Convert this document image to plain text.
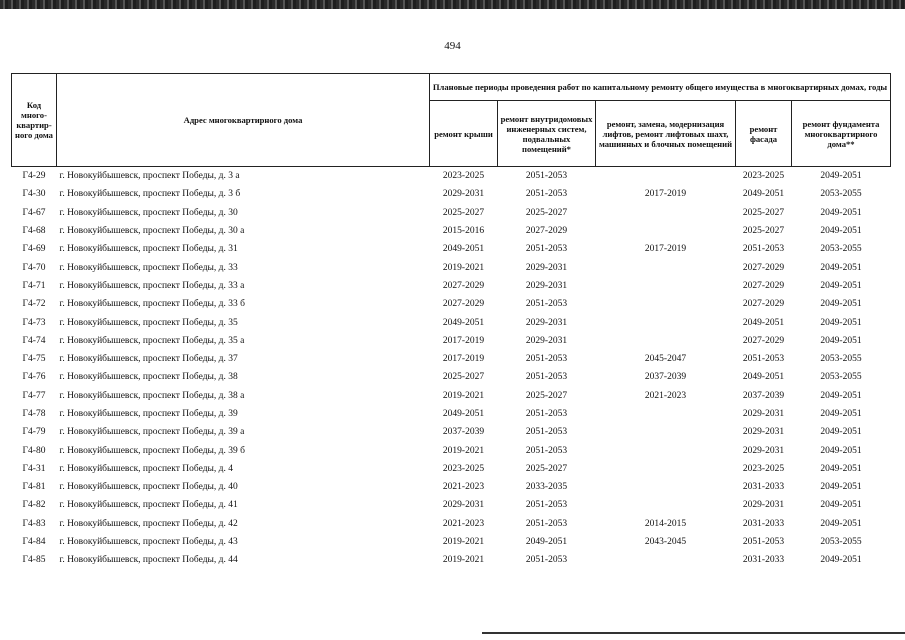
494
Код много-квартир-ного дома	Адрес многоквартирного дома	Плановые периоды проведения работ по капитальному ремонту общего имущества в многоквартирных домах, годы				
		ремонт крыши	ремонт внутридомовых инженерных систем, подвальных помещений*	ремонт, замена, модернизация лифтов, ремонт лифтовых шахт, машинных и блочных помещений	ремонт фасада	ремонт фундамента многоквартирного дома**
Г4-29	г. Новокуйбышевск, проспект Победы, д. 3 а	2023-2025	2051-2053		2023-2025	2049-2051
Г4-30	г. Новокуйбышевск, проспект Победы, д. 3 б	2029-2031	2051-2053	2017-2019	2049-2051	2053-2055
Г4-67	г. Новокуйбышевск, проспект Победы, д. 30	2025-2027	2025-2027		2025-2027	2049-2051
Г4-68	г. Новокуйбышевск, проспект Победы, д. 30 а	2015-2016	2027-2029		2025-2027	2049-2051
Г4-69	г. Новокуйбышевск, проспект Победы, д. 31	2049-2051	2051-2053	2017-2019	2051-2053	2053-2055
Г4-70	г. Новокуйбышевск, проспект Победы, д. 33	2019-2021	2029-2031		2027-2029	2049-2051
Г4-71	г. Новокуйбышевск, проспект Победы, д. 33 а	2027-2029	2029-2031		2027-2029	2049-2051
Г4-72	г. Новокуйбышевск, проспект Победы, д. 33 б	2027-2029	2051-2053		2027-2029	2049-2051
Г4-73	г. Новокуйбышевск, проспект Победы, д. 35	2049-2051	2029-2031		2049-2051	2049-2051
Г4-74	г. Новокуйбышевск, проспект Победы, д. 35 а	2017-2019	2029-2031		2027-2029	2049-2051
Г4-75	г. Новокуйбышевск, проспект Победы, д. 37	2017-2019	2051-2053	2045-2047	2051-2053	2053-2055
Г4-76	г. Новокуйбышевск, проспект Победы, д. 38	2025-2027	2051-2053	2037-2039	2049-2051	2053-2055
Г4-77	г. Новокуйбышевск, проспект Победы, д. 38 а	2019-2021	2025-2027	2021-2023	2037-2039	2049-2051
Г4-78	г. Новокуйбышевск, проспект Победы, д. 39	2049-2051	2051-2053		2029-2031	2049-2051
Г4-79	г. Новокуйбышевск, проспект Победы, д. 39 а	2037-2039	2051-2053		2029-2031	2049-2051
Г4-80	г. Новокуйбышевск, проспект Победы, д. 39 б	2019-2021	2051-2053		2029-2031	2049-2051
Г4-31	г. Новокуйбышевск, проспект Победы, д. 4	2023-2025	2025-2027		2023-2025	2049-2051
Г4-81	г. Новокуйбышевск, проспект Победы, д. 40	2021-2023	2033-2035		2031-2033	2049-2051
Г4-82	г. Новокуйбышевск, проспект Победы, д. 41	2029-2031	2051-2053		2029-2031	2049-2051
Г4-83	г. Новокуйбышевск, проспект Победы, д. 42	2021-2023	2051-2053	2014-2015	2031-2033	2049-2051
Г4-84	г. Новокуйбышевск, проспект Победы, д. 43	2019-2021	2049-2051	2043-2045	2051-2053	2053-2055
Г4-85	г. Новокуйбышевск, проспект Победы, д. 44	2019-2021	2051-2053		2031-2033	2049-2051
